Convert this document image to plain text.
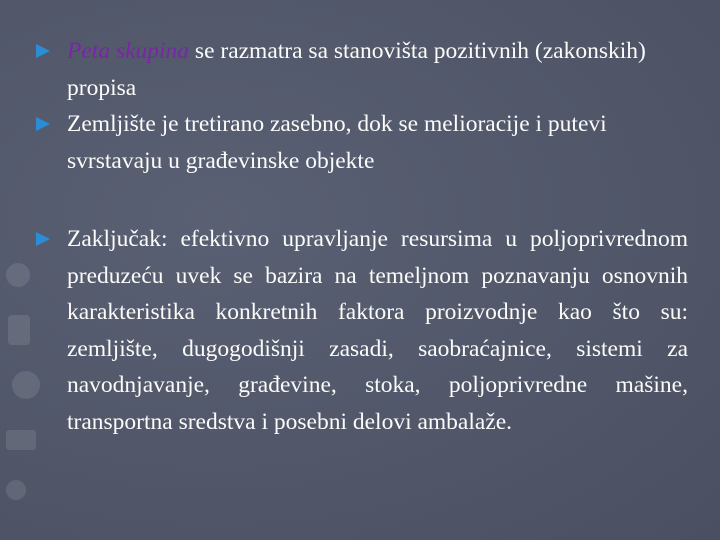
Peta skupina se razmatra sa stanovišta pozitivnih (zakonskih) propisa
Zemljište je tretirano zasebno, dok se melioracije i putevi svrstavaju u građevinske objekte
Zaključak: efektivno upravljanje resursima u poljoprivrednom preduzeću uvek se bazira na temeljnom poznavanju osnovnih karakteristika konkretnih faktora proizvodnje kao što su: zemljište, dugogodišnji zasadi, saobraćajnice, sistemi za navodnjavanje, građevine, stoka, poljoprivredne mašine, transportna sredstva i posebni delovi ambalaže.
